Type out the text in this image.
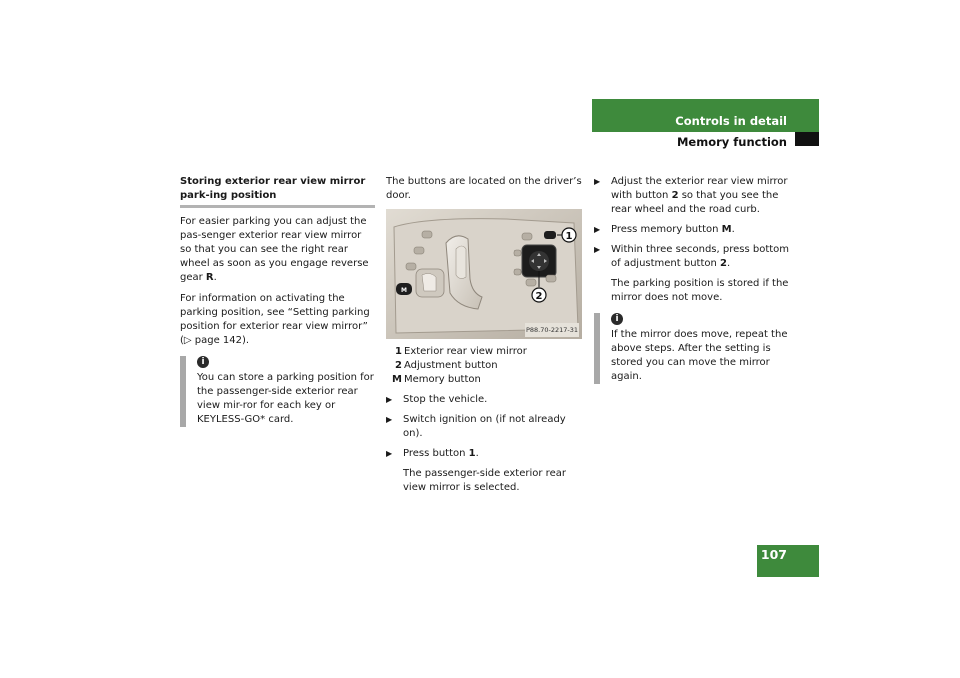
Controls in detail
Memory function
Storing exterior rear view mirror park-ing position

For easier parking you can adjust the pas-senger exterior rear view mirror so that you can see the right rear wheel as soon as you engage reverse gear R.

For information on activating the parking position, see “Setting parking position for exterior rear view mirror” (▷ page 142).

i

You can store a parking position for the passenger-side exterior rear view mir-ror for each key or KEYLESS-GO* card.

The buttons are located on the driver’s door.

M
1
2
P88.70-2217-31
1 Exterior rear view mirror
2 Adjustment button
M Memory button
▶ Stop the vehicle.
▶ Switch ignition on (if not already on).
▶ Press button 1.
The passenger-side exterior rear view mirror is selected.
▶ Adjust the exterior rear view mirror with button 2 so that you see the rear wheel and the road curb.
▶ Press memory button M.
▶ Within three seconds, press bottom of adjustment button 2.
The parking position is stored if the mirror does not move.
i

If the mirror does move, repeat the above steps. After the setting is stored you can move the mirror again.

107
